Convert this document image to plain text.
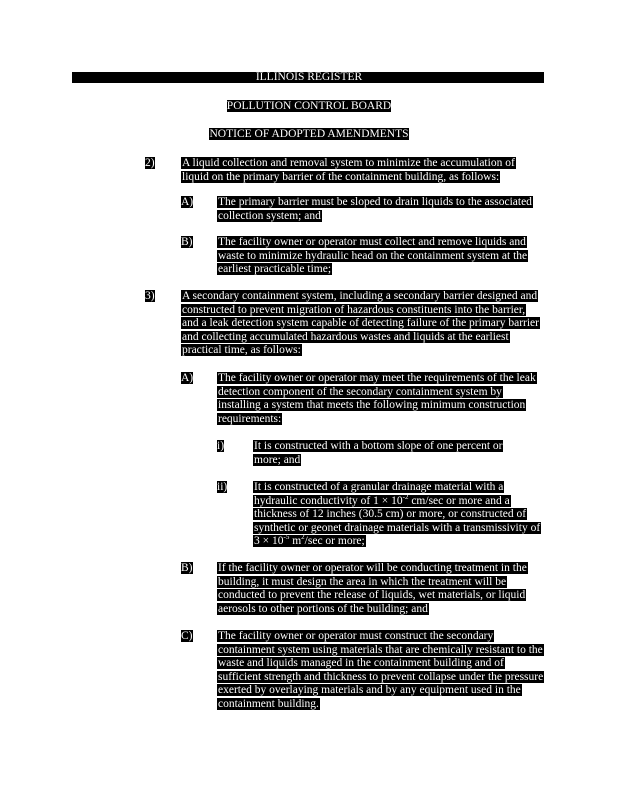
ILLINOIS REGISTER
POLLUTION CONTROL BOARD
NOTICE OF ADOPTED AMENDMENTS
2) A liquid collection and removal system to minimize the accumulation of liquid on the primary barrier of the containment building, as follows:
A) The primary barrier must be sloped to drain liquids to the associated collection system; and
B) The facility owner or operator must collect and remove liquids and waste to minimize hydraulic head on the containment system at the earliest practicable time;
3) A secondary containment system, including a secondary barrier designed and constructed to prevent migration of hazardous constituents into the barrier, and a leak detection system capable of detecting failure of the primary barrier and collecting accumulated hazardous wastes and liquids at the earliest practical time, as follows:
A) The facility owner or operator may meet the requirements of the leak detection component of the secondary containment system by installing a system that meets the following minimum construction requirements:
i)	It is constructed with a bottom slope of one percent or more; and
ii) It is constructed of a granular drainage material with a hydraulic conductivity of $1 \times 10^{-2}$ cm/sec or more and a thickness of 12 inches (30.5 cm) or more, or constructed of synthetic or geonet drainage materials with a transmissivity of $3 \times 10^{-5}$ $m^2/\sec$ or more;
B) If the facility owner or operator will be conducting treatment in the building, it must design the area in which the treatment will be conducted to prevent the release of liquids, wet materials, or liquid aerosols to other portions of the building; and
C) The facility owner or operator must construct the secondary containment system using materials that are chemically resistant to the waste and liquids managed in the containment building and of sufficient strength and thickness to prevent collapse under the pressure exerted by overlaying materials and by any equipment used in the containment building.
